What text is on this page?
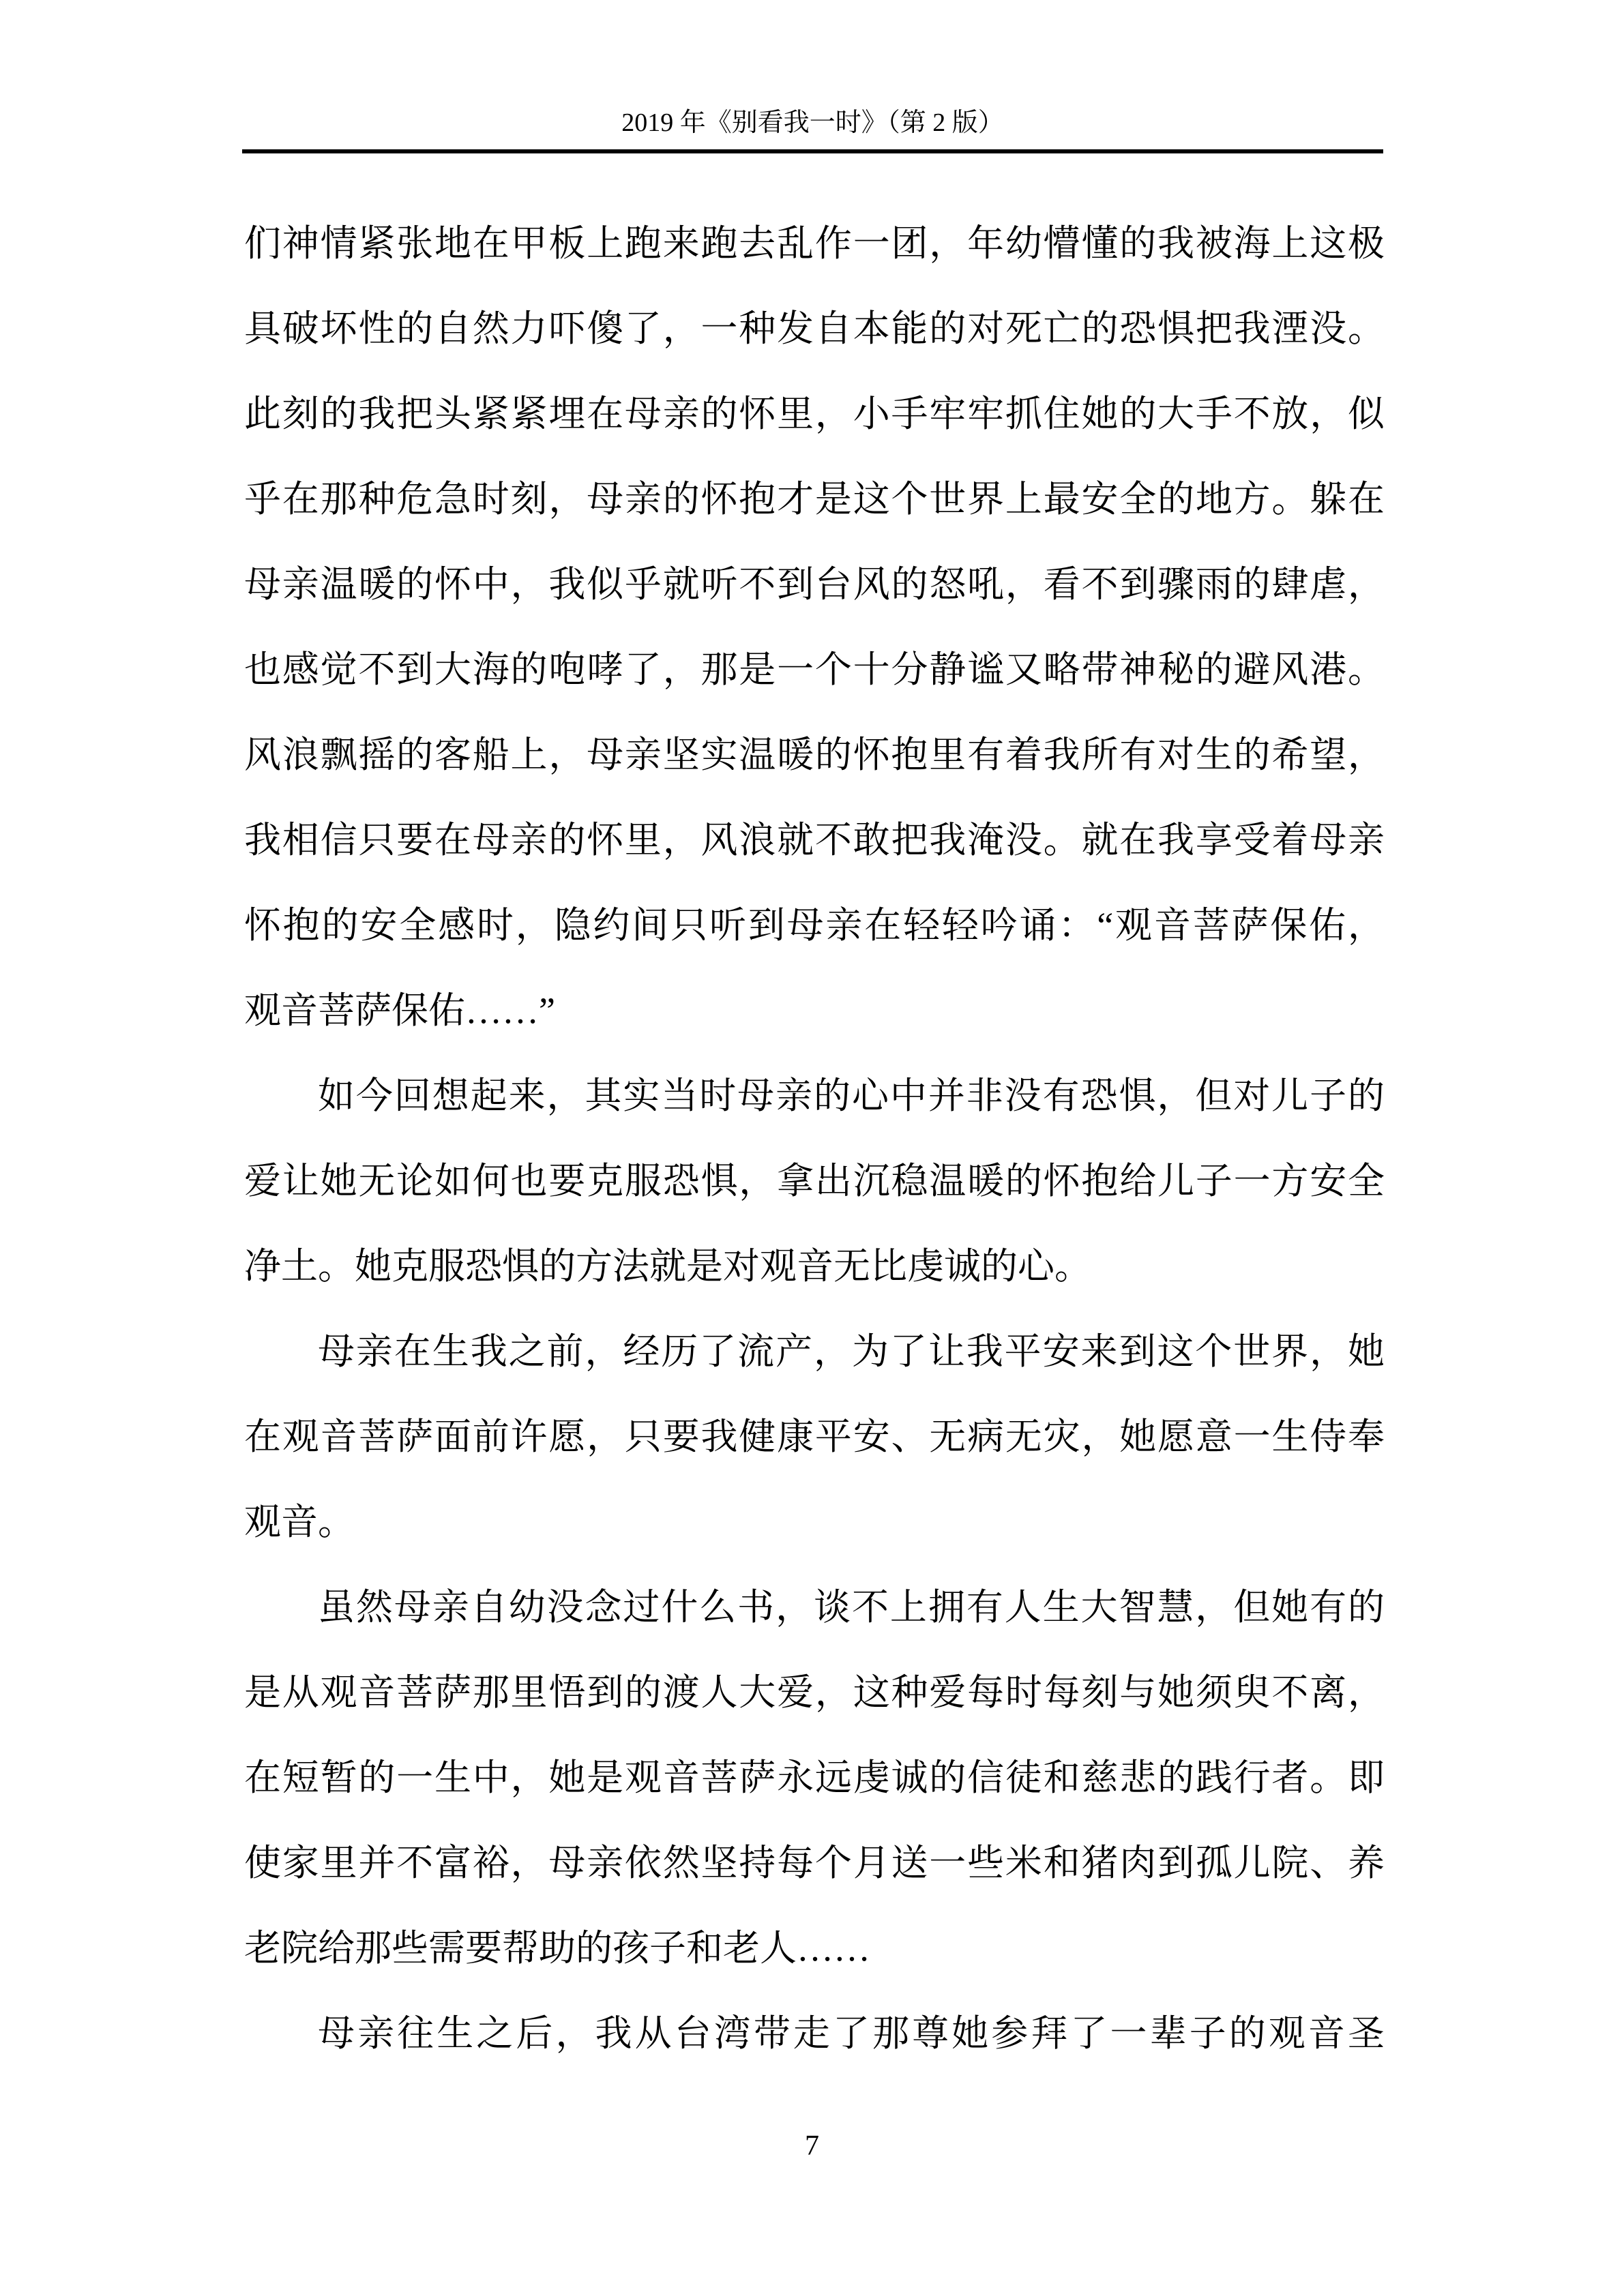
2019 年《别看我一时》（第 2 版）
们神情紧张地在甲板上跑来跑去乱作一团，年幼懵懂的我被海上这极
具破坏性的自然力吓傻了，一种发自本能的对死亡的恐惧把我湮没。
此刻的我把头紧紧埋在母亲的怀里，小手牢牢抓住她的大手不放，似
乎在那种危急时刻，母亲的怀抱才是这个世界上最安全的地方。躲在
母亲温暖的怀中，我似乎就听不到台风的怒吼，看不到骤雨的肆虐，
也感觉不到大海的咆哮了，那是一个十分静谧又略带神秘的避风港。
风浪飘摇的客船上，母亲坚实温暖的怀抱里有着我所有对生的希望，
我相信只要在母亲的怀里，风浪就不敢把我淹没。就在我享受着母亲
怀抱的安全感时，隐约间只听到母亲在轻轻吟诵：“观音菩萨保佑，
观音菩萨保佑……”
如今回想起来，其实当时母亲的心中并非没有恐惧，但对儿子的
爱让她无论如何也要克服恐惧，拿出沉稳温暖的怀抱给儿子一方安全
净土。她克服恐惧的方法就是对观音无比虔诚的心。
母亲在生我之前，经历了流产，为了让我平安来到这个世界，她
在观音菩萨面前许愿，只要我健康平安、无病无灾，她愿意一生侍奉
观音。
虽然母亲自幼没念过什么书，谈不上拥有人生大智慧，但她有的
是从观音菩萨那里悟到的渡人大爱，这种爱每时每刻与她须臾不离，
在短暂的一生中，她是观音菩萨永远虔诚的信徒和慈悲的践行者。即
使家里并不富裕，母亲依然坚持每个月送一些米和猪肉到孤儿院、养
老院给那些需要帮助的孩子和老人……
母亲往生之后，我从台湾带走了那尊她参拜了一辈子的观音圣
7
